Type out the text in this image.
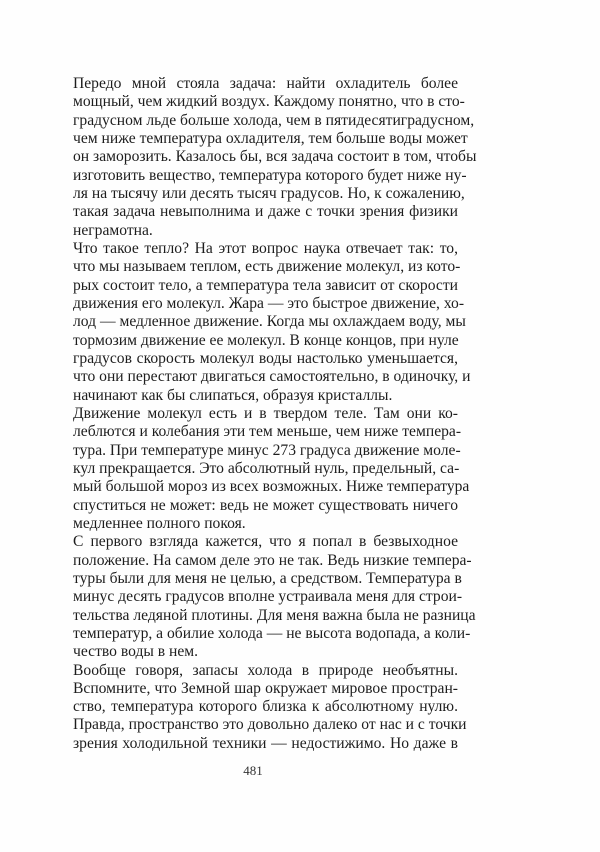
Передо мной стояла задача: найти охладитель более
мощный, чем жидкий воздух. Каждому понятно, что в сто-
градусном льде больше холода, чем в пятидесятиградусном,
чем ниже температура охладителя, тем больше воды может
он заморозить. Казалось бы, вся задача состоит в том, чтобы
изготовить вещество, температура которого будет ниже ну-
ля на тысячу или десять тысяч градусов. Но, к сожалению,
такая задача невыполнима и даже с точки зрения физики
неграмотна.

Что такое тепло? На этот вопрос наука отвечает так: то,
что мы называем теплом, есть движение молекул, из кото-
рых состоит тело, а температура тела зависит от скорости
движения его молекул. Жара — это быстрое движение, хо-
лод — медленное движение. Когда мы охлаждаем воду, мы
тормозим движение ее молекул. В конце концов, при нуле
градусов скорость молекул воды настолько уменьшается,
что они перестают двигаться самостоятельно, в одиночку, и
начинают как бы слипаться, образуя кристаллы.

Движение молекул есть и в твердом теле. Там они ко-
леблются и колебания эти тем меньше, чем ниже темпера-
тура. При температуре минус 273 градуса движение моле-
кул прекращается. Это абсолютный нуль, предельный, са-
мый большой мороз из всех возможных. Ниже температура
спуститься не может: ведь не может существовать ничего
медленнее полного покоя.

С первого взгляда кажется, что я попал в безвыходное
положение. На самом деле это не так. Ведь низкие темпера-
туры были для меня не целью, а средством. Температура в
минус десять градусов вполне устраивала меня для строи-
тельства ледяной плотины. Для меня важна была не разница
температур, а обилие холода — не высота водопада, а коли-
чество воды в нем.

Вообще говоря, запасы холода в природе необъятны.
Вспомните, что Земной шар окружает мировое простран-
ство, температура которого близка к абсолютному нулю.
Правда, пространство это довольно далеко от нас и с точки
зрения холодильной техники — недостижимо. Но даже в

481
